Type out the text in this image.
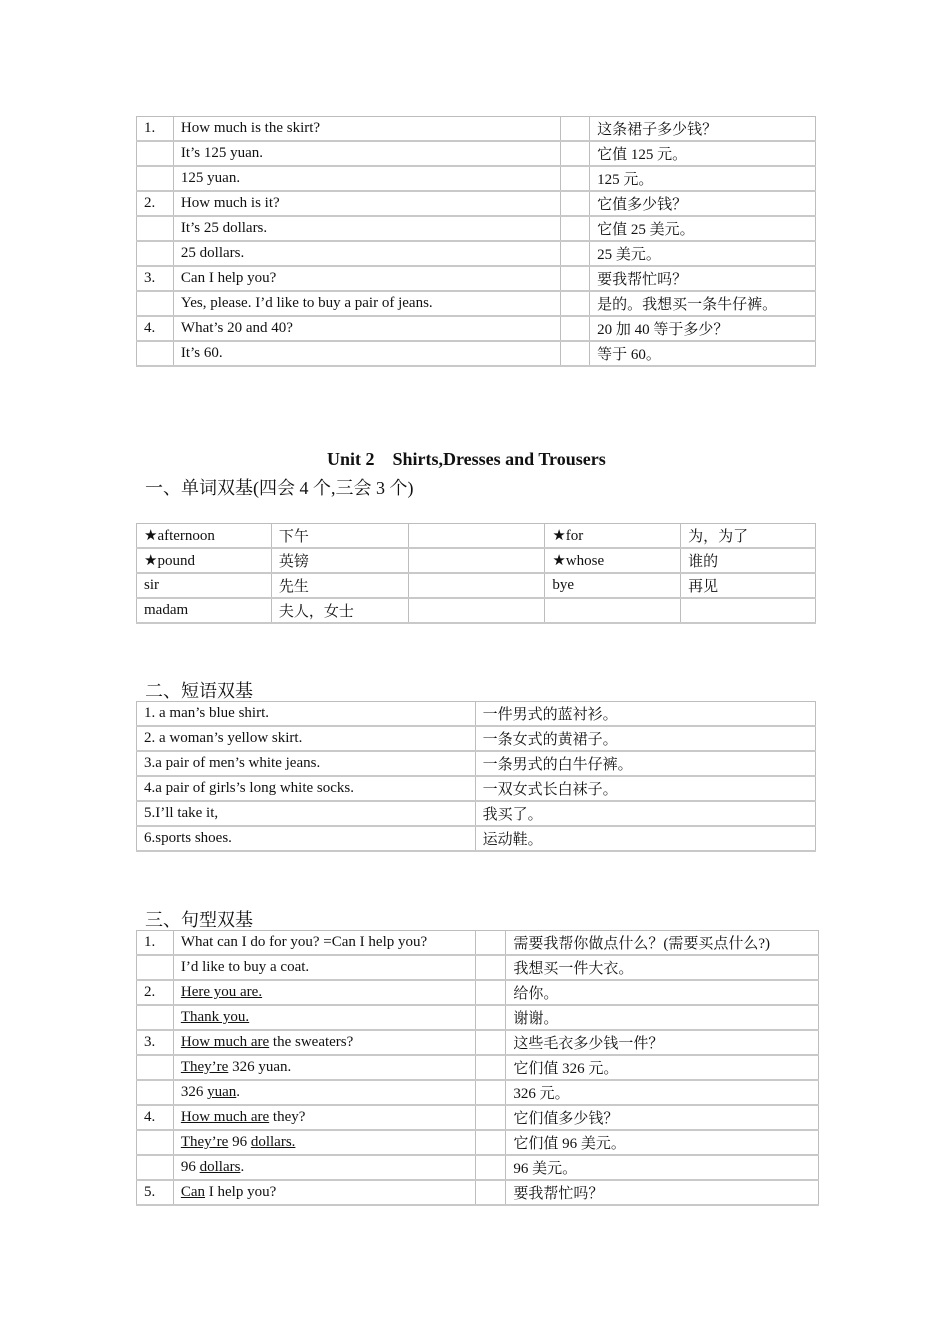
1.	How much is the skirt?		这条裙子多少钱？
	It’s 125 yuan.		它值 125 元。
	125 yuan.		125 元。
2.	How much is it?		它值多少钱？
	It’s 25 dollars.		它值 25 美元。
	25 dollars.		25 美元。
3.	Can I help you?		要我帮忙吗？
	Yes, please. I’d like to buy a pair of jeans.		是的。我想买一条牛仔裤。
4.	What’s 20 and 40?		20 加 40 等于多少？
	It’s 60.		等于 60。
Unit 2    Shirts,Dresses and Trousers
一、单词双基(四会 4 个,三会 3 个)
★afternoon	下午		★for	为，为了
★pound	英镑		★whose	谁的
sir	先生		bye	再见
madam	夫人，女士			
二、短语双基
1. a man’s blue shirt.	一件男式的蓝衬衫。
2. a woman’s yellow skirt.	一条女式的黄裙子。
3.a pair of men’s white jeans.	一条男式的白牛仔裤。
4.a pair of girls’s long white socks.	一双女式长白袜子。
5.I’ll take it,	我买了。
6.sports shoes.	运动鞋。
三、句型双基
1.	What can I do for you? =Can I help you?		需要我帮你做点什么？(需要买点什么?)
	I’d like to buy a coat.		我想买一件大衣。
2.	Here you are.		给你。
	Thank you.		谢谢。
3.	How much are the sweaters?		这些毛衣多少钱一件？
	They’re 326 yuan.		它们值 326 元。
	326 yuan.		326 元。
4.	How much are they?		它们值多少钱？
	They’re 96 dollars.		它们值 96 美元。
	96 dollars.		96 美元。
5.	Can I help you?		要我帮忙吗？
